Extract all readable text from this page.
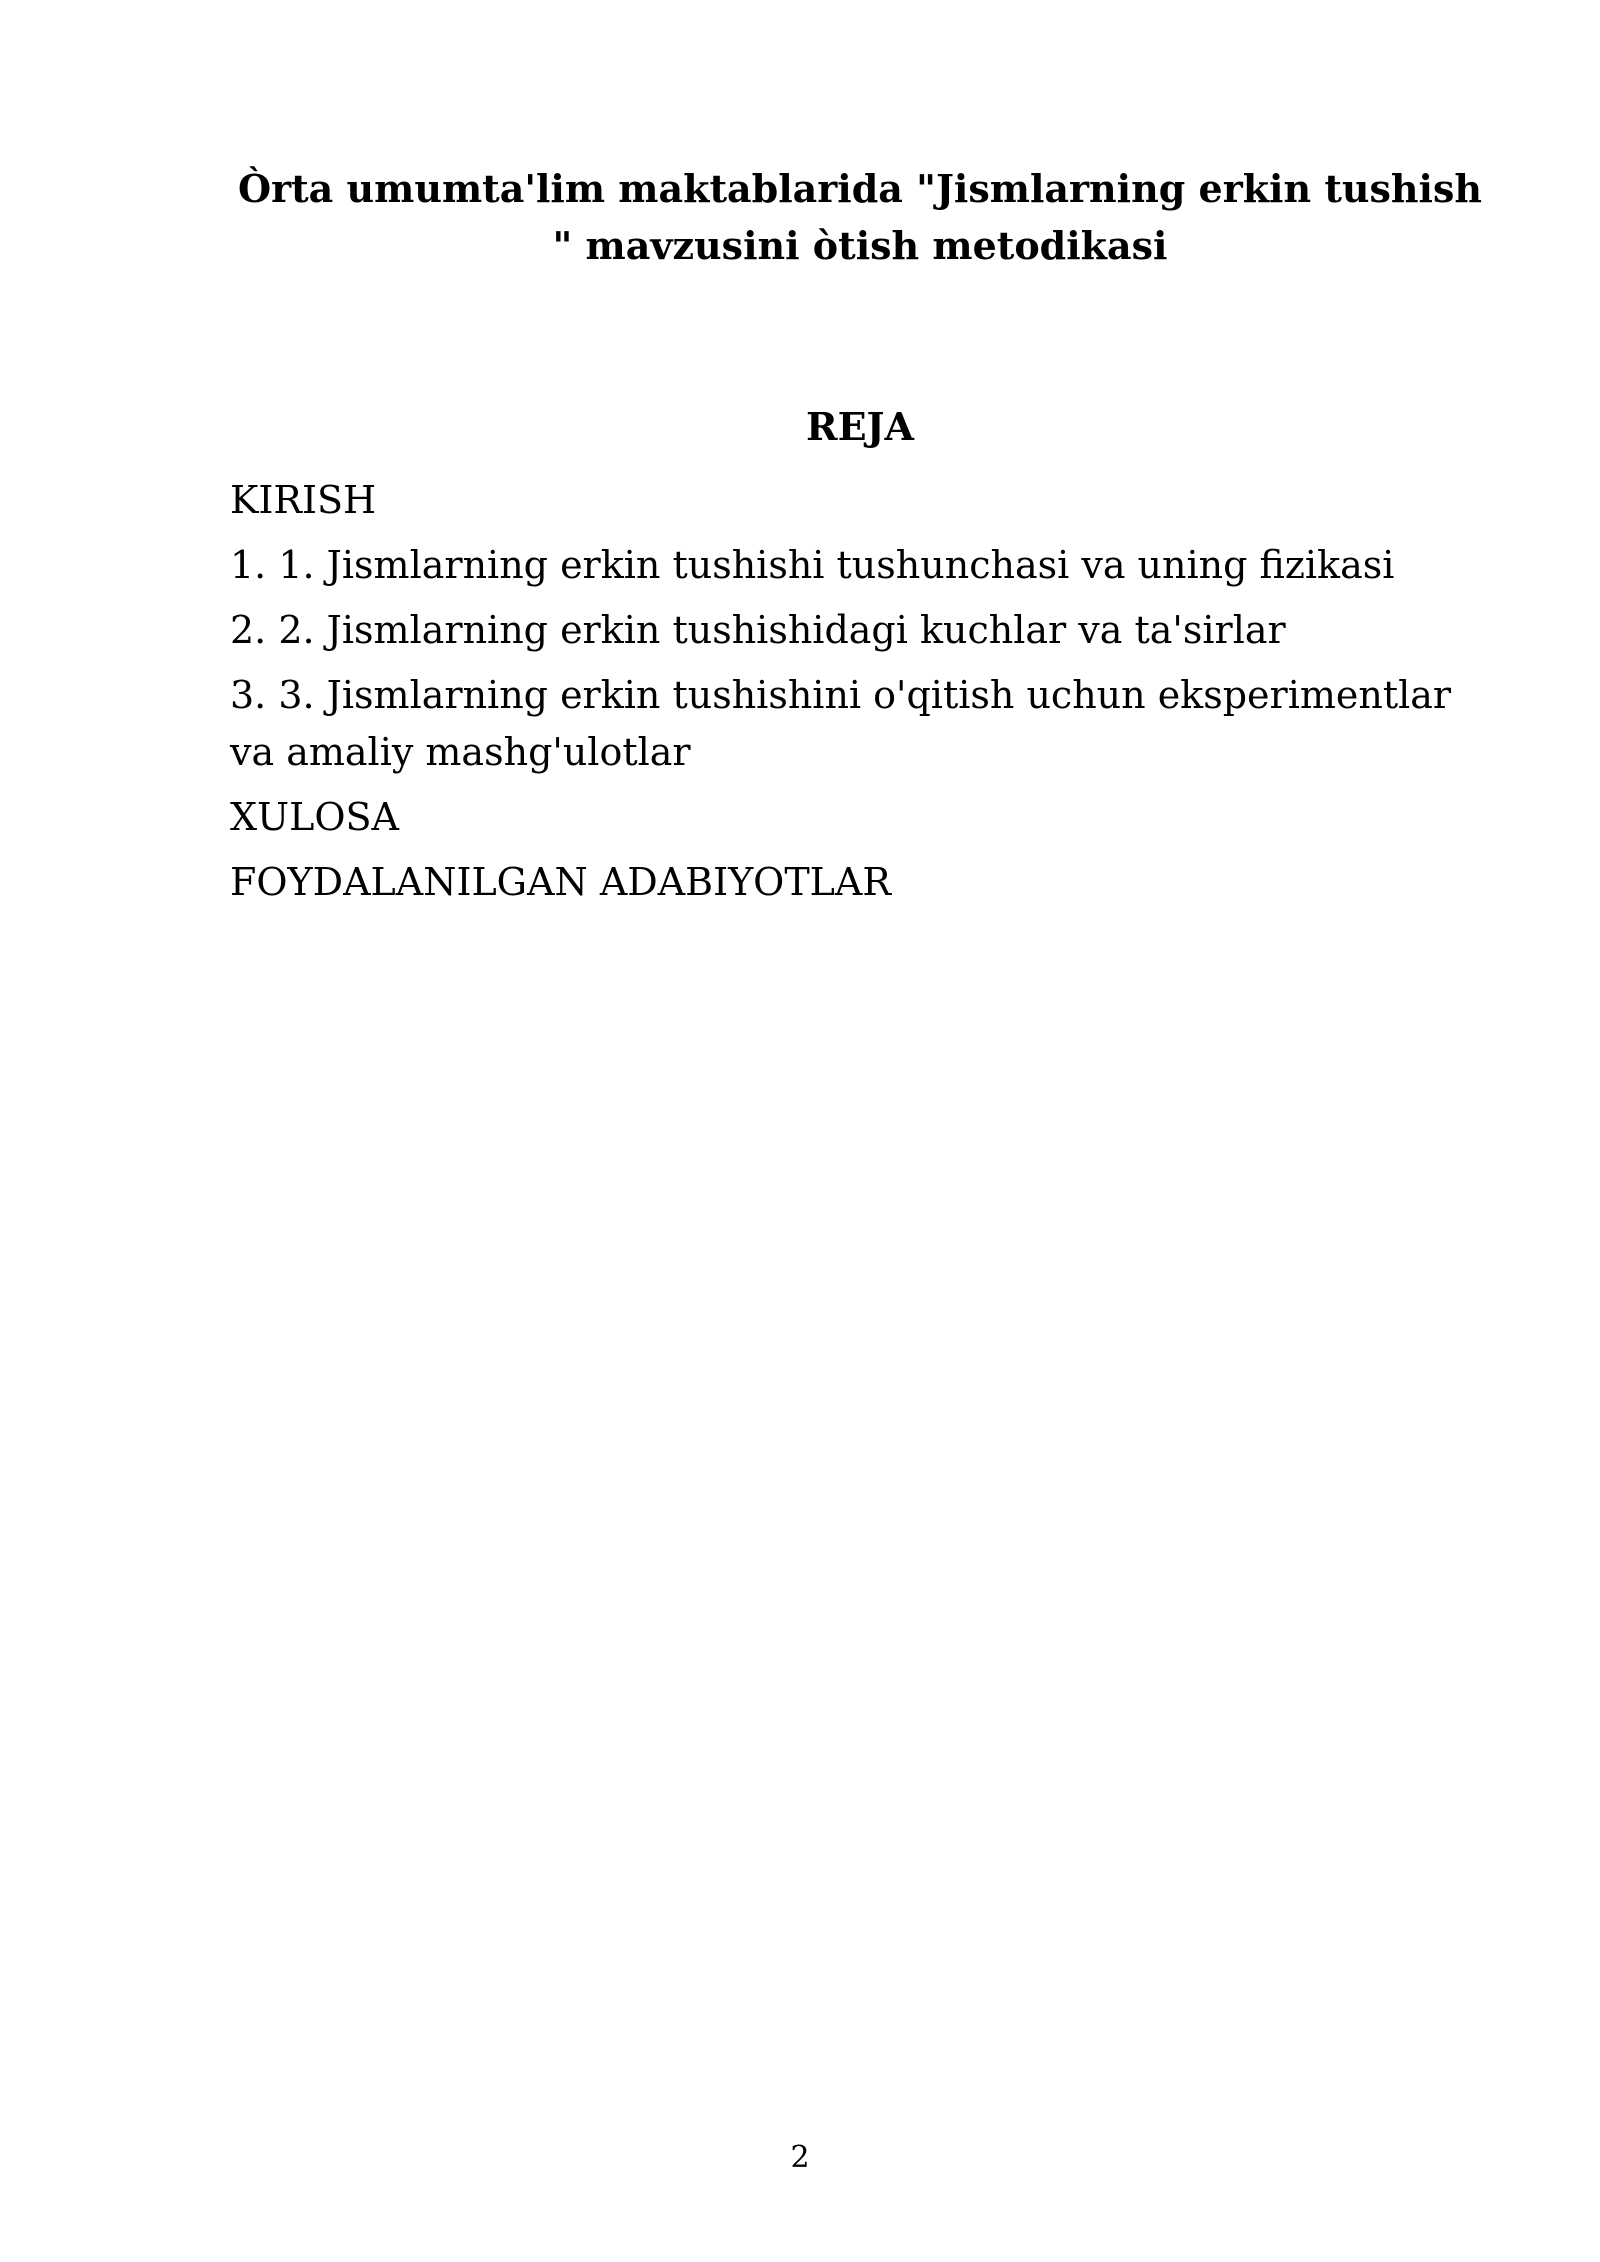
Òrta umumta'lim maktablarida "Jismlarning erkin tushish
" mavzusini òtish metodikasi
REJA
KIRISH
1. 1. Jismlarning erkin tushishi tushunchasi va uning fizikasi
2. 2. Jismlarning erkin tushishidagi kuchlar va ta'sirlar
3. 3. Jismlarning erkin tushishini o'qitish uchun eksperimentlar va amaliy mashg'ulotlar
XULOSA
FOYDALANILGAN ADABIYOTLAR
2
